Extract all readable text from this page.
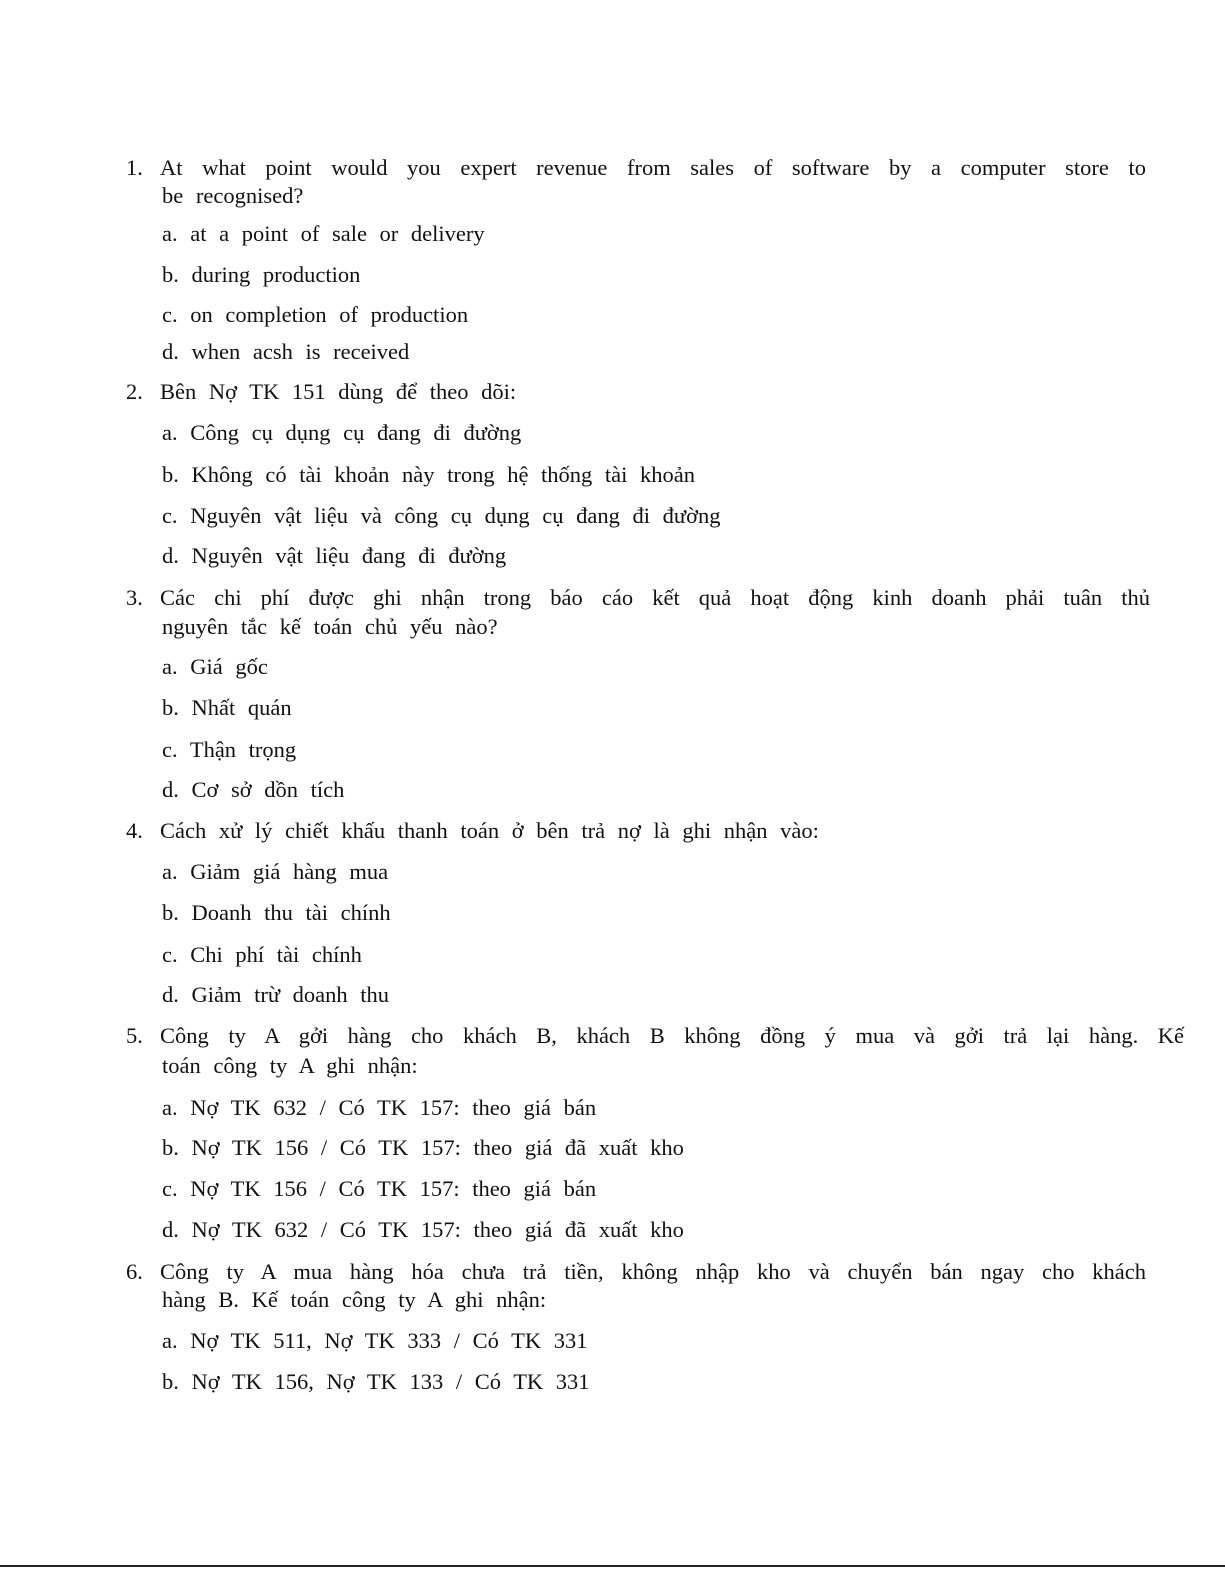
1. At what point would you expert revenue from sales of software by a computer store to
be recognised?
a. at a point of sale or delivery
b. during production
c. on completion of production
d. when acsh is received
2. Bên Nợ TK 151 dùng để theo dõi:
a. Công cụ dụng cụ đang đi đường
b. Không có tài khoản này trong hệ thống tài khoản
c. Nguyên vật liệu và công cụ dụng cụ đang đi đường
d. Nguyên vật liệu đang đi đường
3. Các chi phí được ghi nhận trong báo cáo kết quả hoạt động kinh doanh phải tuân thủ
nguyên tắc kế toán chủ yếu nào?
a. Giá gốc
b. Nhất quán
c. Thận trọng
d. Cơ sở dồn tích
4. Cách xử lý chiết khấu thanh toán ở bên trả nợ là ghi nhận vào:
a. Giảm giá hàng mua
b. Doanh thu tài chính
c. Chi phí tài chính
d. Giảm trừ doanh thu
5. Công ty A gởi hàng cho khách B, khách B không đồng ý mua và gởi trả lại hàng. Kế
toán công ty A ghi nhận:
a. Nợ TK 632 / Có TK 157: theo giá bán
b. Nợ TK 156 / Có TK 157: theo giá đã xuất kho
c. Nợ TK 156 / Có TK 157: theo giá bán
d. Nợ TK 632 / Có TK 157: theo giá đã xuất kho
6. Công ty A mua hàng hóa chưa trả tiền, không nhập kho và chuyển bán ngay cho khách
hàng B. Kế toán công ty A ghi nhận:
a. Nợ TK 511, Nợ TK 333 / Có TK 331
b. Nợ TK 156, Nợ TK 133 / Có TK 331
